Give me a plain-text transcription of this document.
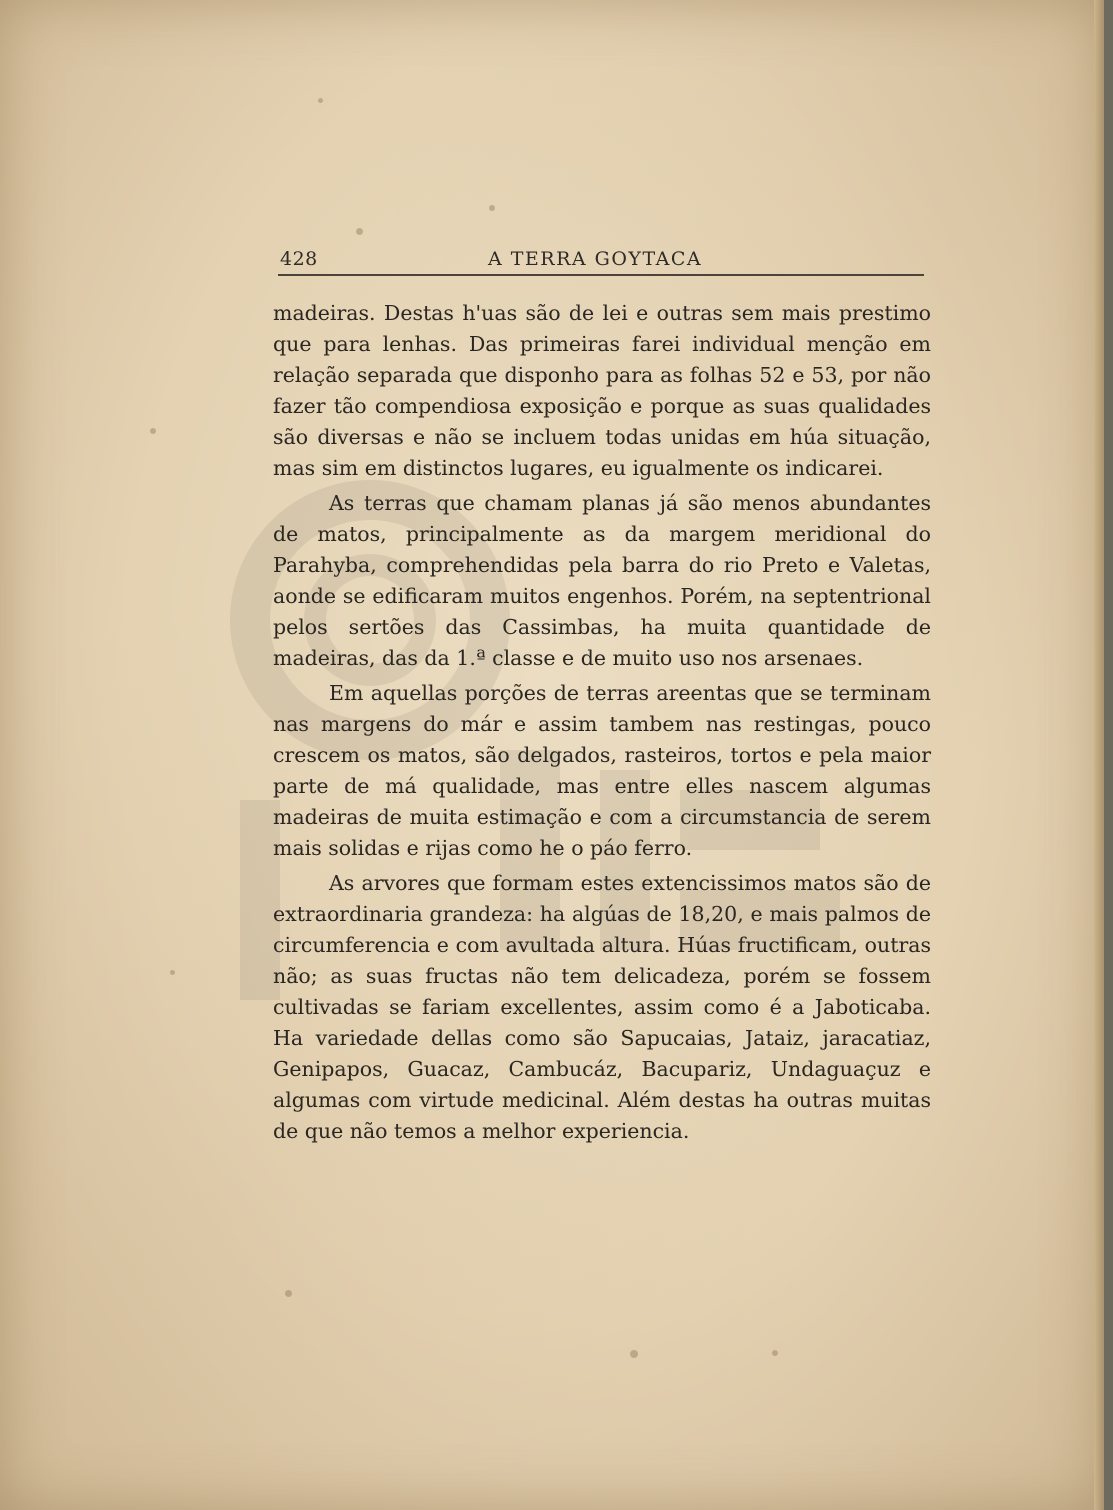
428	A TERRA GOYTACA

madeiras. Destas h'uas são de lei e outras sem mais prestimo que para lenhas. Das primeiras farei individual menção em relação separada que disponho para as folhas 52 e 53, por não fazer tão compendiosa exposição e porque as suas qualidades são diversas e não se incluem todas unidas em húa situação, mas sim em distinctos lugares, eu igualmente os indicarei.

As terras que chamam planas já são menos abundantes de matos, principalmente as da margem meridional do Parahyba, comprehendidas pela barra do rio Preto e Valetas, aonde se edificaram muitos engenhos. Porém, na septentrional pelos sertões das Cassimbas, ha muita quantidade de madeiras, das da 1.ª classe e de muito uso nos arsenaes.

Em aquellas porções de terras areentas que se terminam nas margens do már e assim tambem nas restingas, pouco crescem os matos, são delgados, rasteiros, tortos e pela maior parte de má qualidade, mas entre elles nascem algumas madeiras de muita estimação e com a circumstancia de serem mais solidas e rijas como he o páo ferro.

As arvores que formam estes extencissimos matos são de extraordinaria grandeza: ha algúas de 18,20, e mais palmos de circumferencia e com avultada altura. Húas fructificam, outras não; as suas fructas não tem delicadeza, porém se fossem cultivadas se fariam excellentes, assim como é a Jaboticaba. Ha variedade dellas como são Sapucaias, Jataiz, jaracatiaz, Genipapos, Guacaz, Cambucáz, Bacupariz, Undaguaçuz e algumas com virtude medicinal. Além destas ha outras muitas de que não temos a melhor experiencia.
